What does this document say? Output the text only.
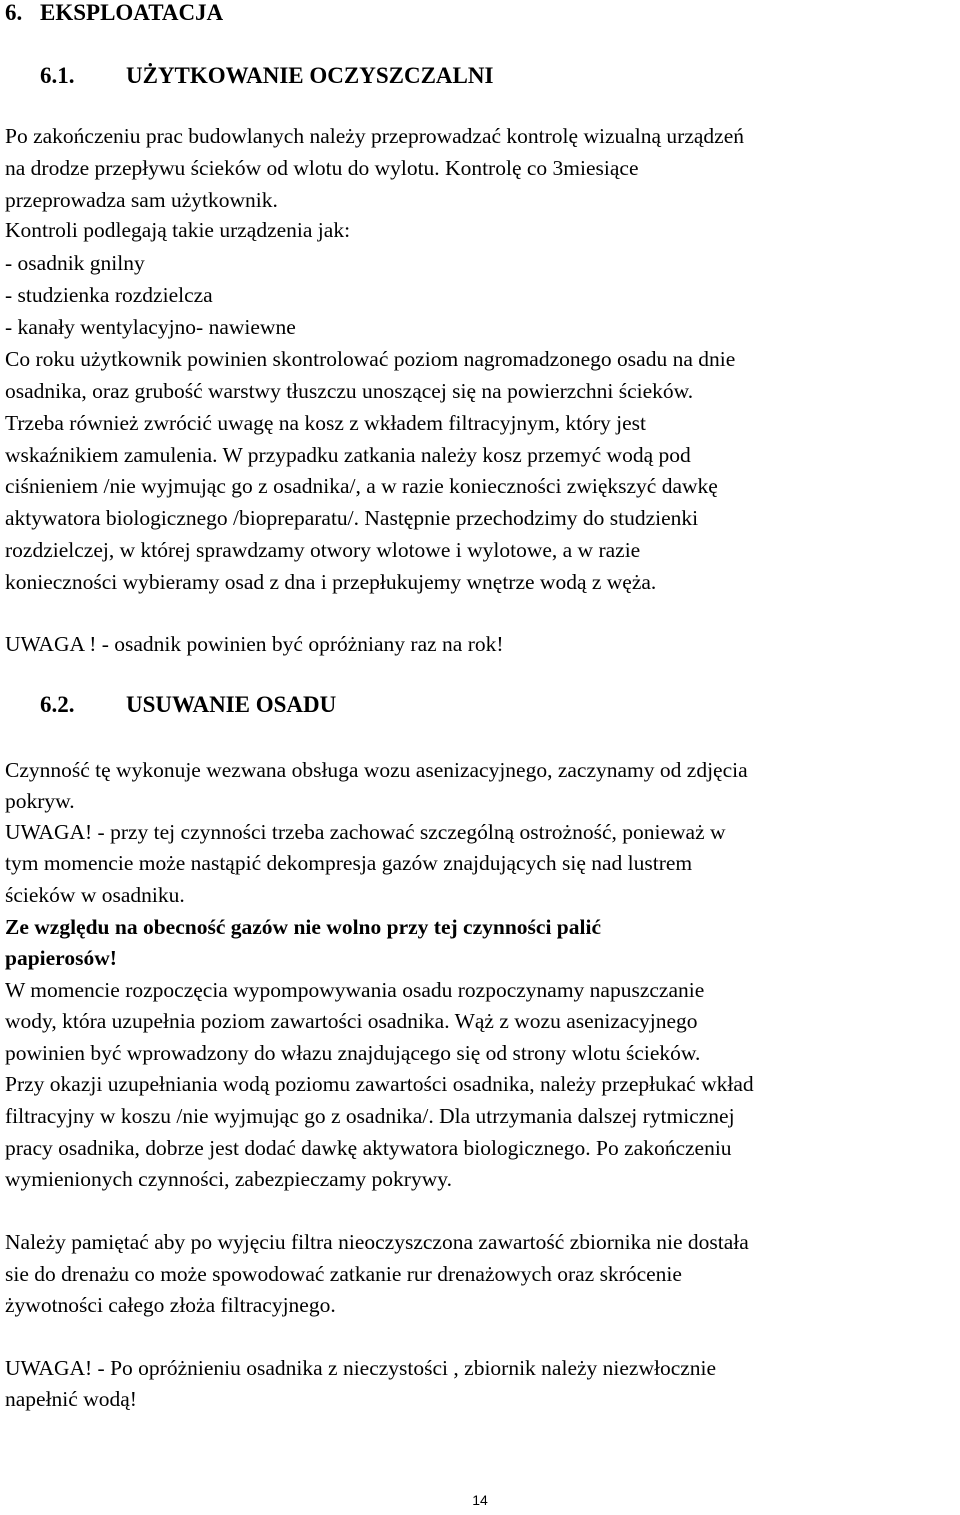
6. EKSPLOATACJA
6.1. UŻYTKOWANIE OCZYSZCZALNI
Po zakończeniu prac budowlanych należy przeprowadzać kontrolę wizualną urządzeń
na drodze przepływu ścieków od wlotu do wylotu. Kontrolę co 3miesiące
przeprowadza sam użytkownik.
Kontroli podlegają takie urządzenia jak:
- osadnik gnilny
- studzienka rozdzielcza
- kanały wentylacyjno- nawiewne
Co roku użytkownik powinien skontrolować poziom nagromadzonego osadu na dnie
osadnika, oraz grubość warstwy tłuszczu unoszącej się na powierzchni ścieków.
Trzeba również zwrócić uwagę na kosz z wkładem filtracyjnym, który jest
wskaźnikiem zamulenia. W przypadku zatkania należy kosz przemyć wodą pod
ciśnieniem /nie wyjmując go z osadnika/, a w razie konieczności zwiększyć dawkę
aktywatora biologicznego /biopreparatu/. Następnie przechodzimy do studzienki
rozdzielczej, w której sprawdzamy otwory wlotowe i wylotowe, a w razie
konieczności wybieramy osad z dna i przepłukujemy wnętrze wodą z węża.
UWAGA ! - osadnik powinien być opróżniany raz na rok!
6.2. USUWANIE OSADU
Czynność tę wykonuje wezwana obsługa wozu asenizacyjnego, zaczynamy od zdjęcia
pokryw.
UWAGA! - przy tej czynności trzeba zachować szczególną ostrożność, ponieważ w
tym momencie może nastąpić dekompresja gazów znajdujących się nad lustrem
ścieków w osadniku.
Ze względu na obecność gazów nie wolno przy tej czynności palić
papierosów!
W momencie rozpoczęcia wypompowywania osadu rozpoczynamy napuszczanie
wody, która uzupełnia poziom zawartości osadnika. Wąż z wozu asenizacyjnego
powinien być wprowadzony do włazu znajdującego się od strony wlotu ścieków.
Przy okazji uzupełniania wodą poziomu zawartości osadnika, należy przepłukać wkład
filtracyjny w koszu /nie wyjmując go z osadnika/. Dla utrzymania dalszej rytmicznej
pracy osadnika, dobrze jest dodać dawkę aktywatora biologicznego. Po zakończeniu
wymienionych czynności, zabezpieczamy pokrywy.
Należy pamiętać aby po wyjęciu filtra nieoczyszczona zawartość zbiornika nie dostała
sie do drenażu co może spowodować zatkanie rur drenażowych oraz skrócenie
żywotności całego złoża filtracyjnego.
UWAGA! - Po opróżnieniu osadnika z nieczystości , zbiornik należy niezwłocznie
napełnić wodą!
14
